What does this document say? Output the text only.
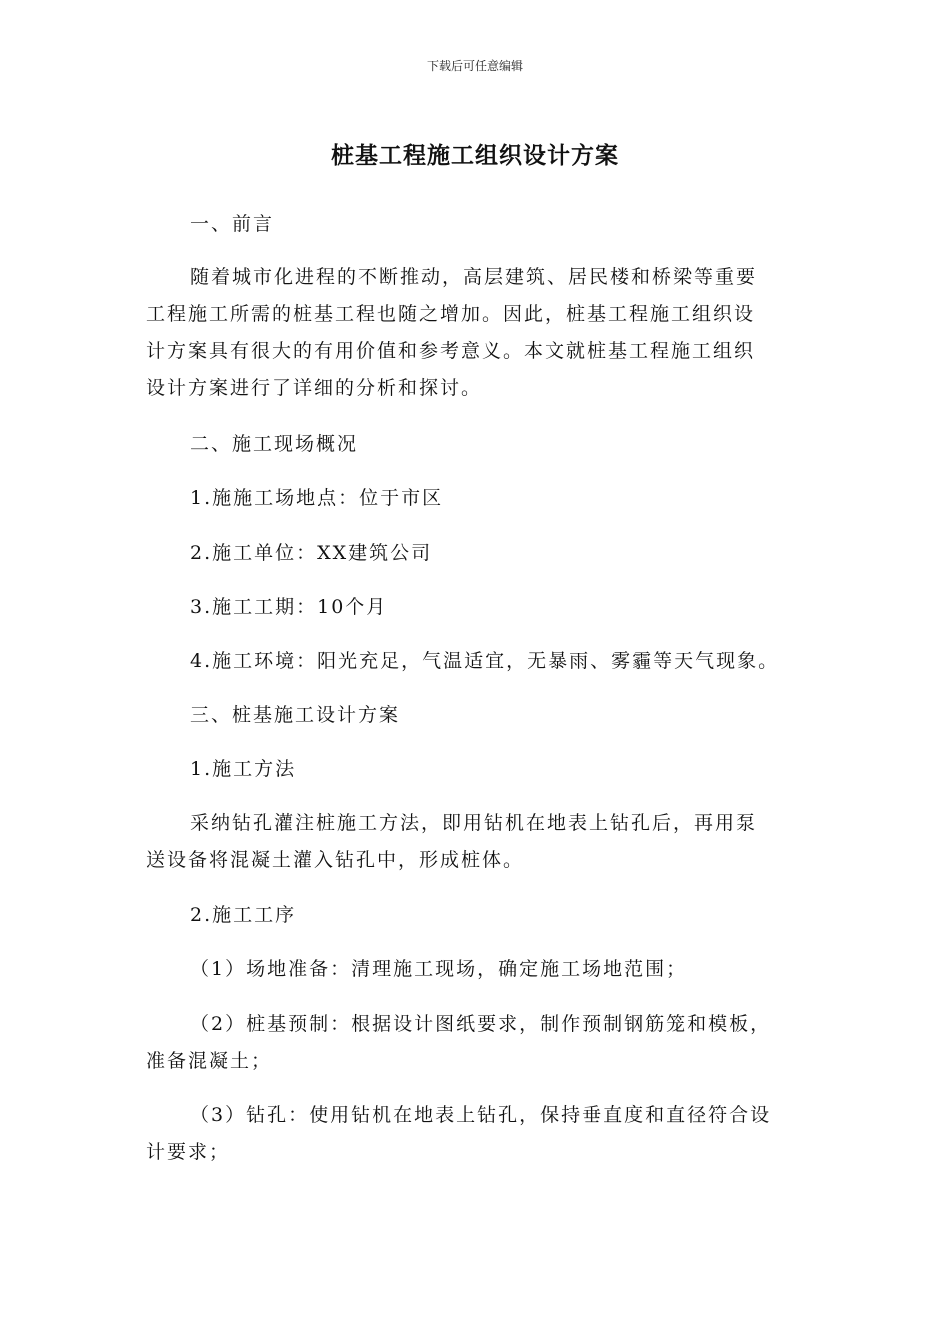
下载后可任意编辑
桩基工程施工组织设计方案

一、前言

随着城市化进程的不断推动，高层建筑、居民楼和桥梁等重要
工程施工所需的桩基工程也随之增加。因此，桩基工程施工组织设
计方案具有很大的有用价值和参考意义。本文就桩基工程施工组织
设计方案进行了详细的分析和探讨。

二、施工现场概况

1.施施工场地点：位于市区

2.施工单位：XX建筑公司

3.施工工期：10个月

4.施工环境：阳光充足，气温适宜，无暴雨、雾霾等天气现象。

三、桩基施工设计方案

1.施工方法

采纳钻孔灌注桩施工方法，即用钻机在地表上钻孔后，再用泵
送设备将混凝土灌入钻孔中，形成桩体。

2.施工工序

（1）场地准备：清理施工现场，确定施工场地范围；

（2）桩基预制：根据设计图纸要求，制作预制钢筋笼和模板，
准备混凝土；

（3）钻孔：使用钻机在地表上钻孔，保持垂直度和直径符合设
计要求；
